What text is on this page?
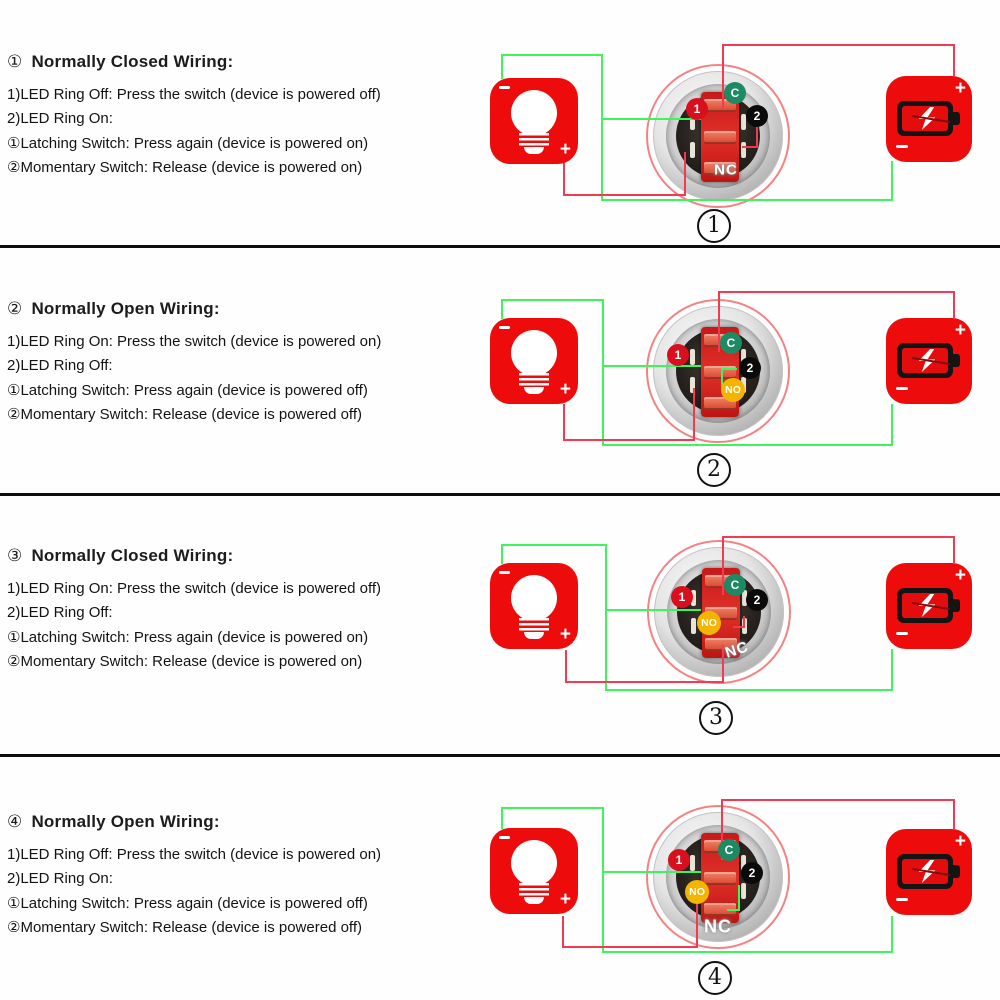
① Normally Closed Wiring:
1)LED Ring Off: Press the switch (device is powered off)
2)LED Ring On:
①Latching Switch: Press again (device is powered on)
②Momentary Switch: Release (device is powered on)
② Normally Open Wiring:
1)LED Ring On: Press the switch (device is powered on)
2)LED Ring Off:
①Latching Switch: Press again (device is powered off)
②Momentary Switch: Release (device is powered off)
③ Normally Closed Wiring:
1)LED Ring On: Press the switch (device is powered off)
2)LED Ring Off:
①Latching Switch: Press again (device is powered on)
②Momentary Switch: Release (device is powered on)
④ Normally Open Wiring:
1)LED Ring Off: Press the switch (device is powered on)
2)LED Ring On:
①Latching Switch: Press again (device is powered off)
②Momentary Switch: Release (device is powered off)
+
+
+
+
+
+
+
+
C
1	2
NC
C
1
2
NO
C
1	2
NO
NC
C
1
2
NO
NC
1
2
3
4
